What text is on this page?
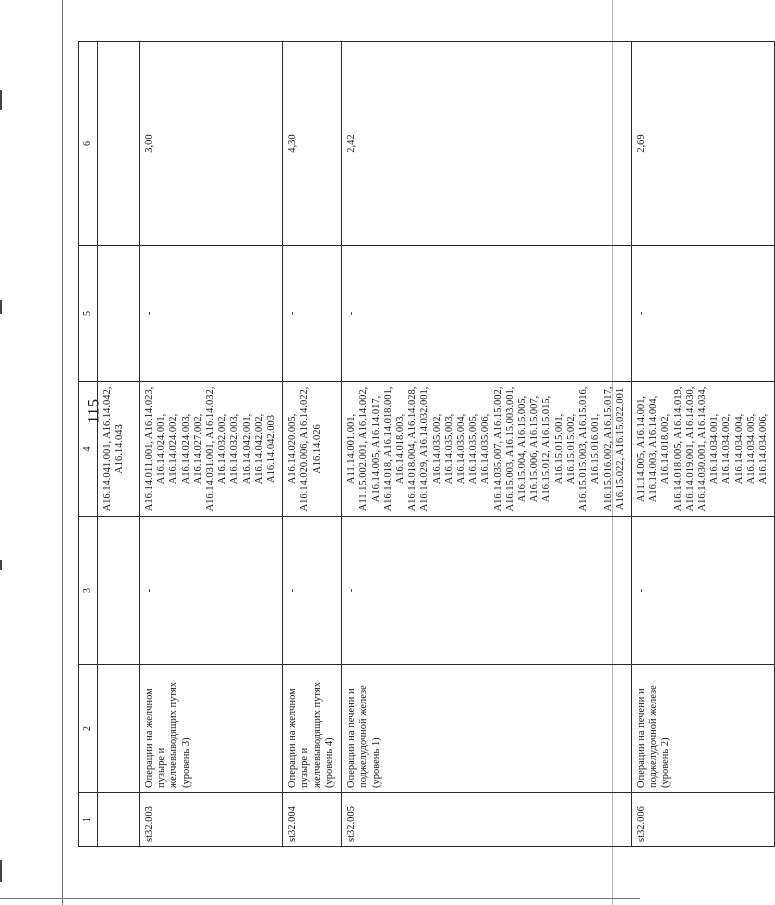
115
1	2	3	4	5	6
			A16.14.041.001, A16.14.042, A16.14.043		
st32.003	Операции на желчном пузыре и желчевыводящих путях (уровень 3)	-	A16.14.011.001, A16.14.023, A16.14.024.001, A16.14.024.002, A16.14.024.003, A16.14.027.002, A16.14.031.001, A16.14.032, A16.14.032.002, A16.14.032.003, A16.14.042.001, A16.14.042.002, A16.14.042.003	-	3,00
st32.004	Операции на желчном пузыре и желчевыводящих путях (уровень 4)	-	A16.14.020.005, A16.14.020.006, A16.14.022, A16.14.026	-	4,30
st32.005	Операции на печени и поджелудочной железе (уровень 1)	-	A11.14.001.001, A11.15.002.001, A16.14.002, A16.14.005, A16.14.017, A16.14.018, A16.14.018.001, A16.14.018.003, A16.14.018.004, A16.14.028, A16.14.029, A16.14.032.001, A16.14.035.002, A16.14.035.003, A16.14.035.004, A16.14.035.005, A16.14.035.006, A16.14.035.007, A16.15.002, A16.15.003, A16.15.003.001, A16.15.004, A16.15.005, A16.15.006, A16.15.007, A16.15.012, A16.15.015, A16.15.015.001, A16.15.015.002, A16.15.015.003, A16.15.016, A16.15.016.001, A16.15.016.002, A16.15.017, A16.15.022, A16.15.022.001	-	2,42
st32.006	Операции на печени и поджелудочной железе (уровень 2)	-	A11.14.005, A16.14.001, A16.14.003, A16.14.004, A16.14.018.002, A16.14.018.005, A16.14.019, A16.14.019.001, A16.14.030, A16.14.030.001, A16.14.034, A16.14.034.001, A16.14.034.002, A16.14.034.004, A16.14.034.005, A16.14.034.006,	-	2,69
